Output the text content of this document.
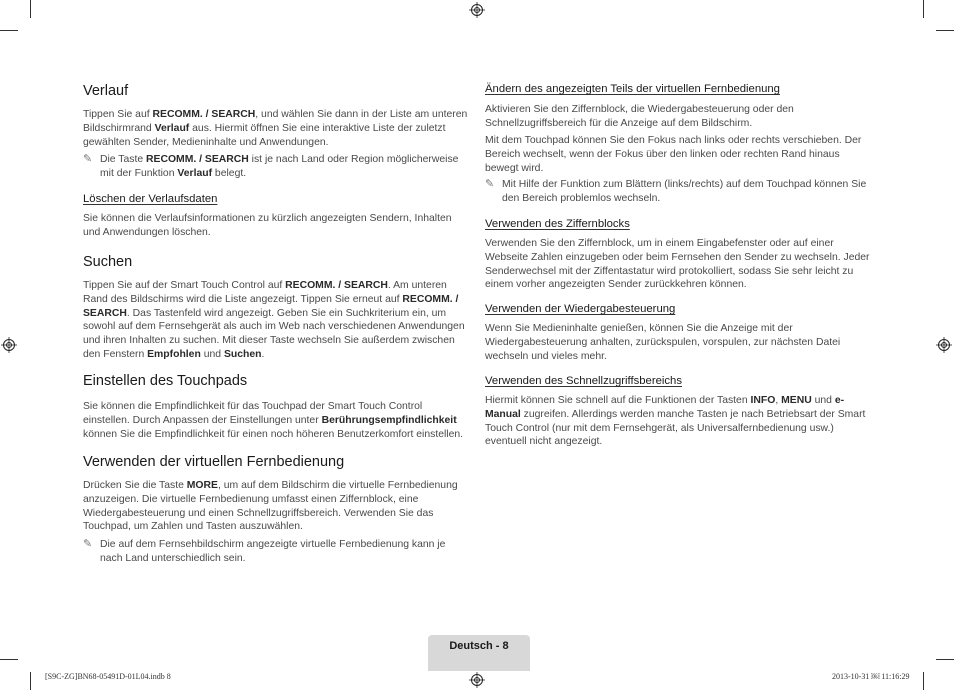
Verlauf

Tippen Sie auf RECOMM. / SEARCH, und wählen Sie dann in der Liste am unteren Bildschirmrand Verlauf aus. Hiermit öffnen Sie eine interaktive Liste der zuletzt gewählten Sender, Medieninhalte und Anwendungen.

✎ Die Taste RECOMM. / SEARCH ist je nach Land oder Region möglicherweise mit der Funktion Verlauf belegt.

Löschen der Verlaufsdaten

Sie können die Verlaufsinformationen zu kürzlich angezeigten Sendern, Inhalten und Anwendungen löschen.

Suchen

Tippen Sie auf der Smart Touch Control auf RECOMM. / SEARCH. Am unteren Rand des Bildschirms wird die Liste angezeigt. Tippen Sie erneut auf RECOMM. / SEARCH. Das Tastenfeld wird angezeigt. Geben Sie ein Suchkriterium ein, um sowohl auf dem Fernsehgerät als auch im Web nach verschiedenen Anwendungen und ihren Inhalten zu suchen. Mit dieser Taste wechseln Sie außerdem zwischen den Fenstern Empfohlen und Suchen.

Einstellen des Touchpads

Sie können die Empfindlichkeit für das Touchpad der Smart Touch Control einstellen. Durch Anpassen der Einstellungen unter Berührungsempfindlichkeit können Sie die Empfindlichkeit für einen noch höheren Benutzerkomfort einstellen.

Verwenden der virtuellen Fernbedienung

Drücken Sie die Taste MORE, um auf dem Bildschirm die virtuelle Fernbedienung anzuzeigen. Die virtuelle Fernbedienung umfasst einen Ziffernblock, eine Wiedergabesteuerung und einen Schnellzugriffsbereich. Verwenden Sie das Touchpad, um Zahlen und Tasten auszuwählen.

✎ Die auf dem Fernsehbildschirm angezeigte virtuelle Fernbedienung kann je nach Land unterschiedlich sein.

Ändern des angezeigten Teils der virtuellen Fernbedienung

Aktivieren Sie den Ziffernblock, die Wiedergabesteuerung oder den Schnellzugriffsbereich für die Anzeige auf dem Bildschirm.

Mit dem Touchpad können Sie den Fokus nach links oder rechts verschieben. Der Bereich wechselt, wenn der Fokus über den linken oder rechten Rand hinaus bewegt wird.

✎ Mit Hilfe der Funktion zum Blättern (links/rechts) auf dem Touchpad können Sie den Bereich problemlos wechseln.

Verwenden des Ziffernblocks

Verwenden Sie den Ziffernblock, um in einem Eingabefenster oder auf einer Webseite Zahlen einzugeben oder beim Fernsehen den Sender zu wechseln. Jeder Senderwechsel mit der Ziffentastatur wird protokolliert, sodass Sie sehr leicht zu einem vorher angezeigten Sender zurückkehren können.

Verwenden der Wiedergabesteuerung

Wenn Sie Medieninhalte genießen, können Sie die Anzeige mit der Wiedergabesteuerung anhalten, zurückspulen, vorspulen, zur nächsten Datei wechseln und vieles mehr.

Verwenden des Schnellzugriffsbereichs

Hiermit können Sie schnell auf die Funktionen der Tasten INFO, MENU und e-Manual zugreifen. Allerdings werden manche Tasten je nach Betriebsart der Smart Touch Control (nur mit dem Fernsehgerät, als Universalfernbedienung usw.) eventuell nicht angezeigt.

Deutsch - 8
[S9C-ZG]BN68-05491D-01L04.indb 8	2013-10-31 ￼ 11:16:29
